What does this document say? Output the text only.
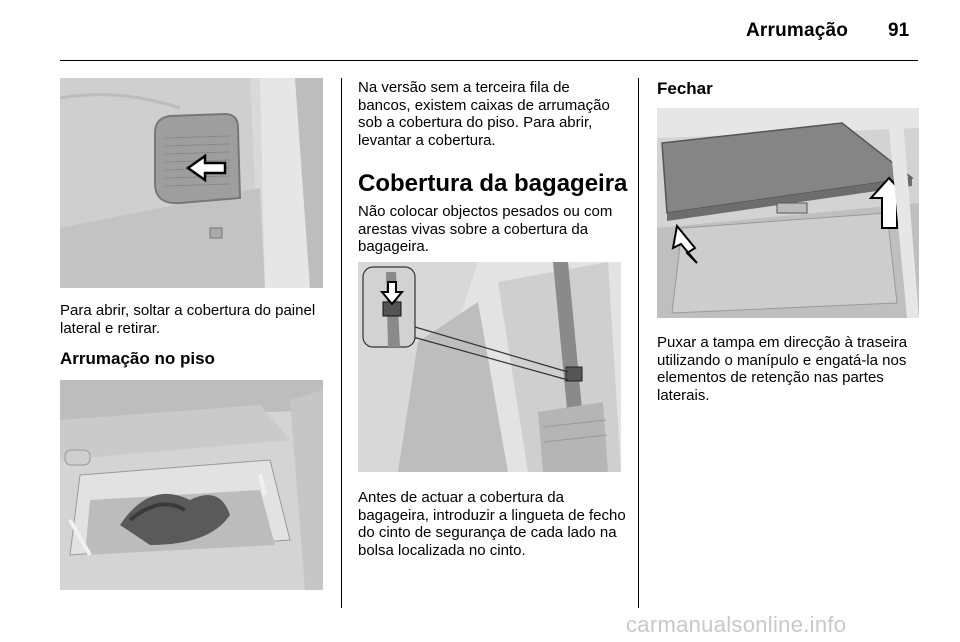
Arrumação 91
Para abrir, soltar a cobertura do painel lateral e retirar.
Arrumação no piso
Na versão sem a terceira fila de bancos, existem caixas de arrumação sob a cobertura do piso. Para abrir, levantar a cobertura.
Cobertura da bagageira
Não colocar objectos pesados ou com arestas vivas sobre a cobertura da bagageira.
Antes de actuar a cobertura da bagageira, introduzir a lingueta de fecho do cinto de segurança de cada lado na bolsa localizada no cinto.
Fechar
Puxar a tampa em direcção à traseira utilizando o manípulo e engatá-la nos elementos de retenção nas partes laterais.
carmanualsonline.info
